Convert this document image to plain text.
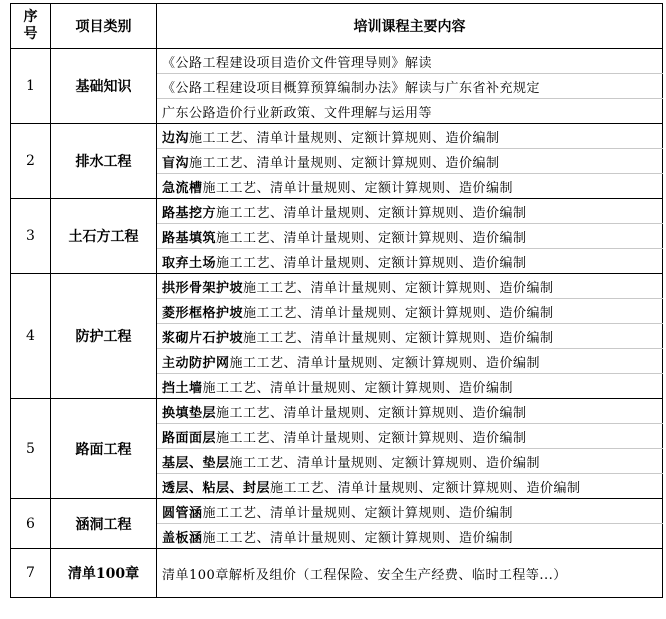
序
号	项目类别	培训课程主要内容
1	基础知识	《公路工程建设项目造价文件管理导则》解读
		《公路工程建设项目概算预算编制办法》解读与广东省补充规定
		广东公路造价行业新政策、文件理解与运用等
2	排水工程	边沟施工工艺、清单计量规则、定额计算规则、造价编制
		盲沟施工工艺、清单计量规则、定额计算规则、造价编制
		急流槽施工工艺、清单计量规则、定额计算规则、造价编制
3	土石方工程	路基挖方施工工艺、清单计量规则、定额计算规则、造价编制
		路基填筑施工工艺、清单计量规则、定额计算规则、造价编制
		取弃土场施工工艺、清单计量规则、定额计算规则、造价编制
4	防护工程	拱形骨架护坡施工工艺、清单计量规则、定额计算规则、造价编制
		菱形框格护坡施工工艺、清单计量规则、定额计算规则、造价编制
		浆砌片石护坡施工工艺、清单计量规则、定额计算规则、造价编制
		主动防护网施工工艺、清单计量规则、定额计算规则、造价编制
		挡土墙施工工艺、清单计量规则、定额计算规则、造价编制
5	路面工程	换填垫层施工工艺、清单计量规则、定额计算规则、造价编制
		路面面层施工工艺、清单计量规则、定额计算规则、造价编制
		基层、垫层施工工艺、清单计量规则、定额计算规则、造价编制
		透层、粘层、封层施工工艺、清单计量规则、定额计算规则、造价编制
6	涵洞工程	圆管涵施工工艺、清单计量规则、定额计算规则、造价编制
		盖板涵施工工艺、清单计量规则、定额计算规则、造价编制
7	清单100章	清单100章解析及组价（工程保险、安全生产经费、临时工程等...）
